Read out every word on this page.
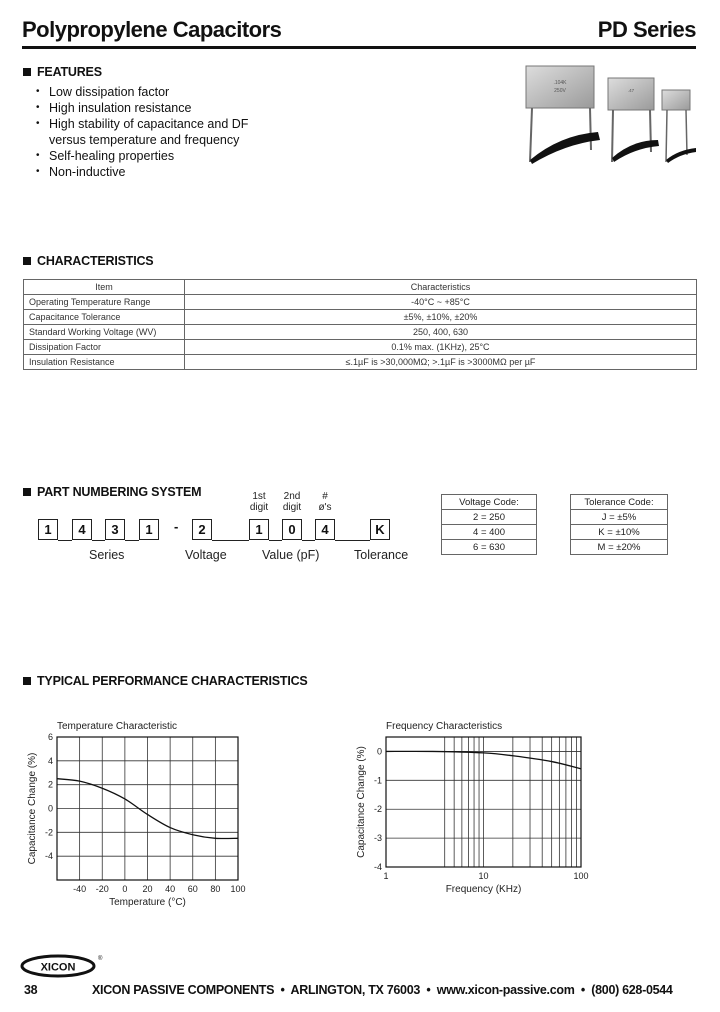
Polypropylene Capacitors	PD Series
FEATURES
• Low dissipation factor
• High insulation resistance
• High stability of capacitance and DF
versus temperature and frequency
• Self-healing properties
• Non-inductive
.104K
250V	.47
CHARACTERISTICS
Item	Characteristics
Operating Temperature Range	-40°C ~ +85°C
Capacitance Tolerance	±5%, ±10%, ±20%
Standard Working Voltage (WV)	250, 400, 630
Dissipation Factor	0.1% max. (1KHz), 25°C
Insulation Resistance	≤.1µF is >30,000MΩ; >.1µF is >3000MΩ per µF
PART NUMBERING SYSTEM	1st
digit
2nd
digit
#
ø's
1	4	3	1	-	2	1	0	4	K
Series	Voltage	Value (pF)	Tolerance
Voltage Code:
2 = 250
4 = 400
6 = 630
Tolerance Code:
J = ±5%
K = ±10%
M = ±20%
TYPICAL PERFORMANCE CHARACTERISTICS
Temperature Characteristic
-40 -20 0 20 40 60 80 100
6
4
2
0
-2
-4
Temperature (°C)
Capacitance Change (%)
Frequency Characteristics
1	10	100
0
-1
-2
-3
-4
Frequency (KHz)
Capacitance Change (%)
XICON
®
38	XICON PASSIVE COMPONENTS  •  ARLINGTON, TX 76003  •  www.xicon-passive.com  •  (800) 628-0544
